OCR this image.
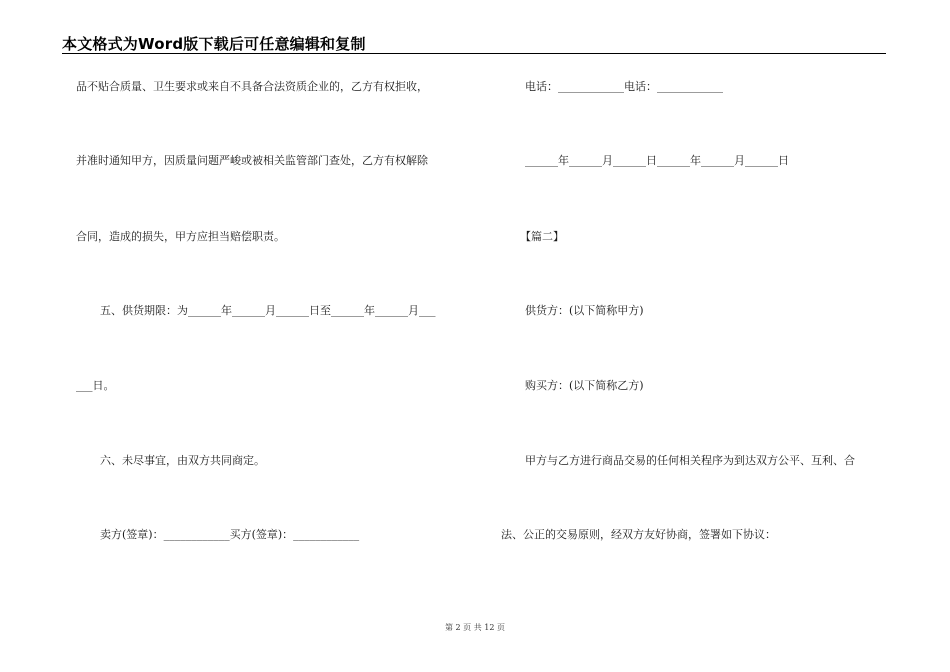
本文格式为Word版下载后可任意编辑和复制
品不贴合质量、卫生要求或来自不具备合法资质企业的，乙方有权拒收，
并准时通知甲方，因质量问题严峻或被相关监管部门查处，乙方有权解除
合同，造成的损失，甲方应担当赔偿职责。
五、供货期限：为______年______月______日至______年______月___
___日。
六、未尽事宜，由双方共同商定。
卖方(签章)：____________买方(签章)：____________
电话：____________电话：____________
______年______月______日______年______月______日
【篇二】
供货方：(以下简称甲方)
购买方：(以下简称乙方)
甲方与乙方进行商品交易的任何相关程序为到达双方公平、互利、合
法、公正的交易原则，经双方友好协商，签署如下协议：
第 2 页 共 12 页
